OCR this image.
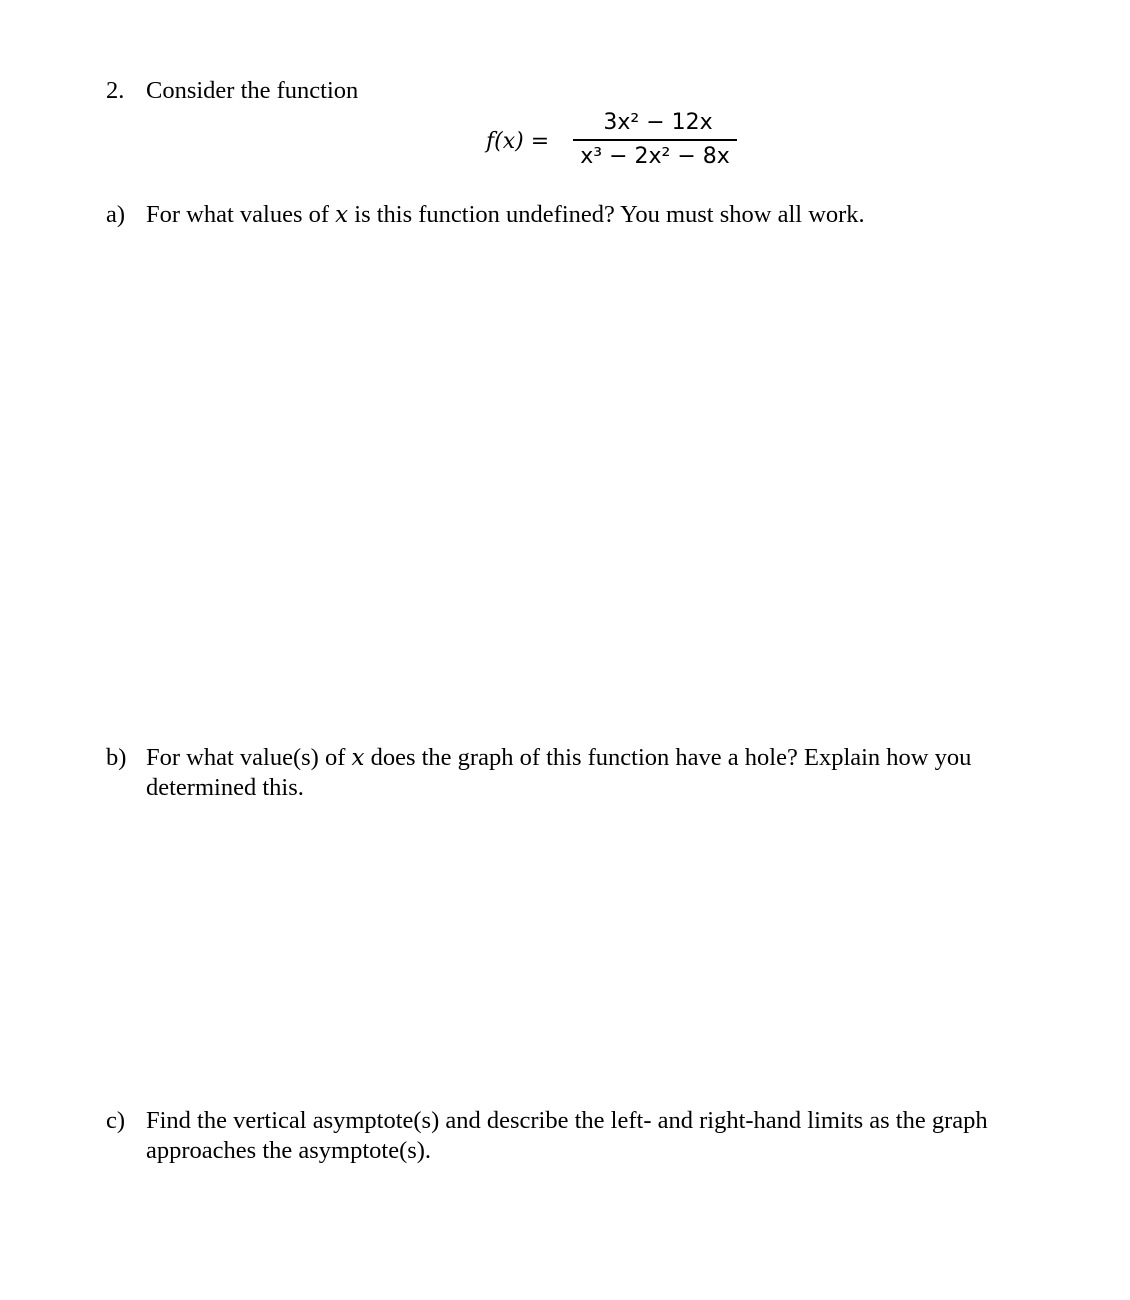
2. Consider the function
f(x) =
3x² − 12x
x³ − 2x² − 8x
a) For what values of x is this function undefined? You must show all work.
b) For what value(s) of x does the graph of this function have a hole? Explain how you determined this.
c) Find the vertical asymptote(s) and describe the left- and right-hand limits as the graph approaches the asymptote(s).
